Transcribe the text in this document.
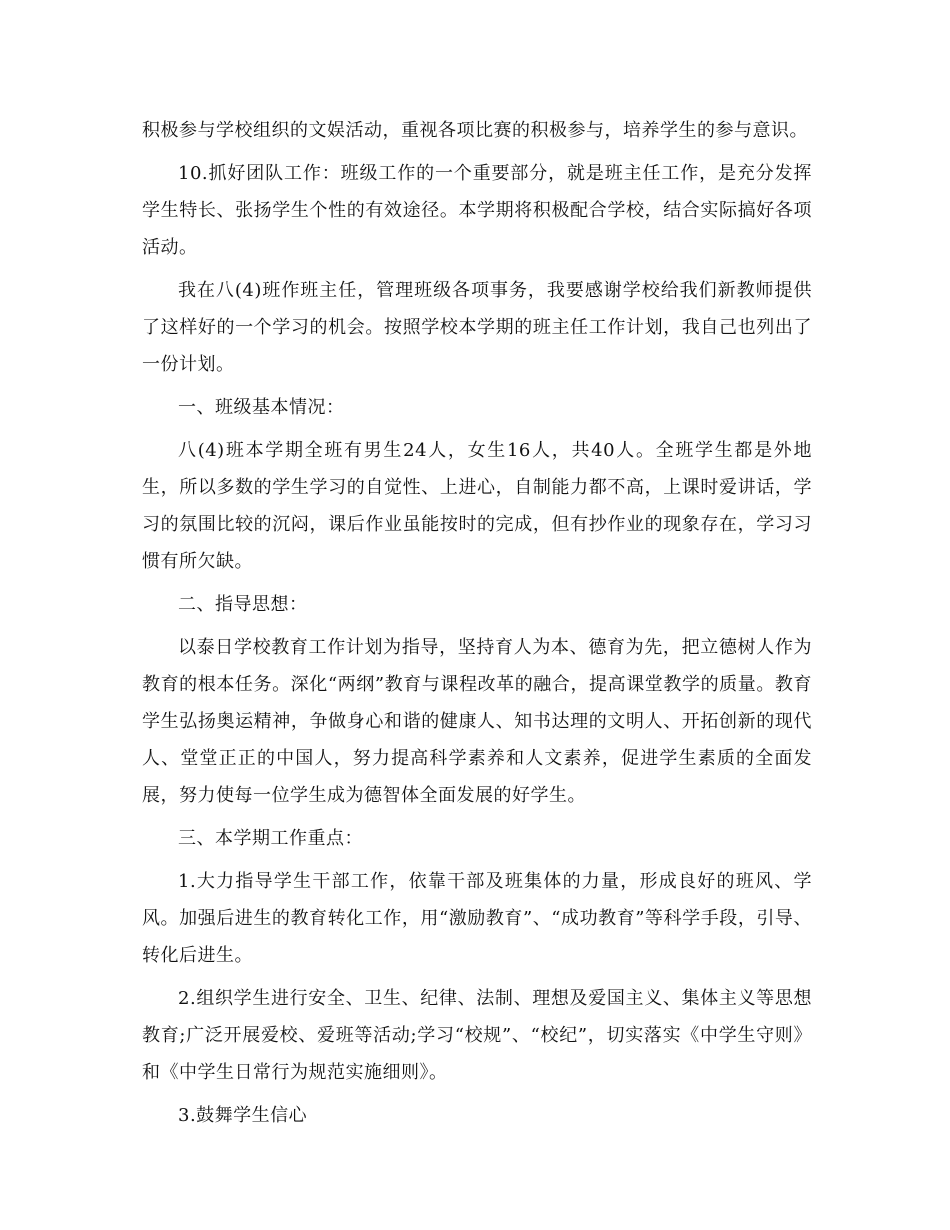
积极参与学校组织的文娱活动，重视各项比赛的积极参与，培养学生的参与意识。

10.抓好团队工作：班级工作的一个重要部分，就是班主任工作，是充分发挥学生特长、张扬学生个性的有效途径。本学期将积极配合学校，结合实际搞好各项活动。

我在八(4)班作班主任，管理班级各项事务，我要感谢学校给我们新教师提供了这样好的一个学习的机会。按照学校本学期的班主任工作计划，我自己也列出了一份计划。

一、班级基本情况：

八(4)班本学期全班有男生24人，女生16人，共40人。全班学生都是外地生，所以多数的学生学习的自觉性、上进心，自制能力都不高，上课时爱讲话，学习的氛围比较的沉闷，课后作业虽能按时的完成，但有抄作业的现象存在，学习习惯有所欠缺。

二、指导思想：

以泰日学校教育工作计划为指导，坚持育人为本、德育为先，把立德树人作为教育的根本任务。深化“两纲”教育与课程改革的融合，提高课堂教学的质量。教育学生弘扬奥运精神，争做身心和谐的健康人、知书达理的文明人、开拓创新的现代人、堂堂正正的中国人，努力提高科学素养和人文素养，促进学生素质的全面发展，努力使每一位学生成为德智体全面发展的好学生。

三、本学期工作重点：

1.大力指导学生干部工作，依靠干部及班集体的力量，形成良好的班风、学风。加强后进生的教育转化工作，用“激励教育”、“成功教育”等科学手段，引导、转化后进生。

2.组织学生进行安全、卫生、纪律、法制、理想及爱国主义、集体主义等思想教育;广泛开展爱校、爱班等活动;学习“校规”、“校纪”，切实落实《中学生守则》和《中学生日常行为规范实施细则》。

3.鼓舞学生信心
